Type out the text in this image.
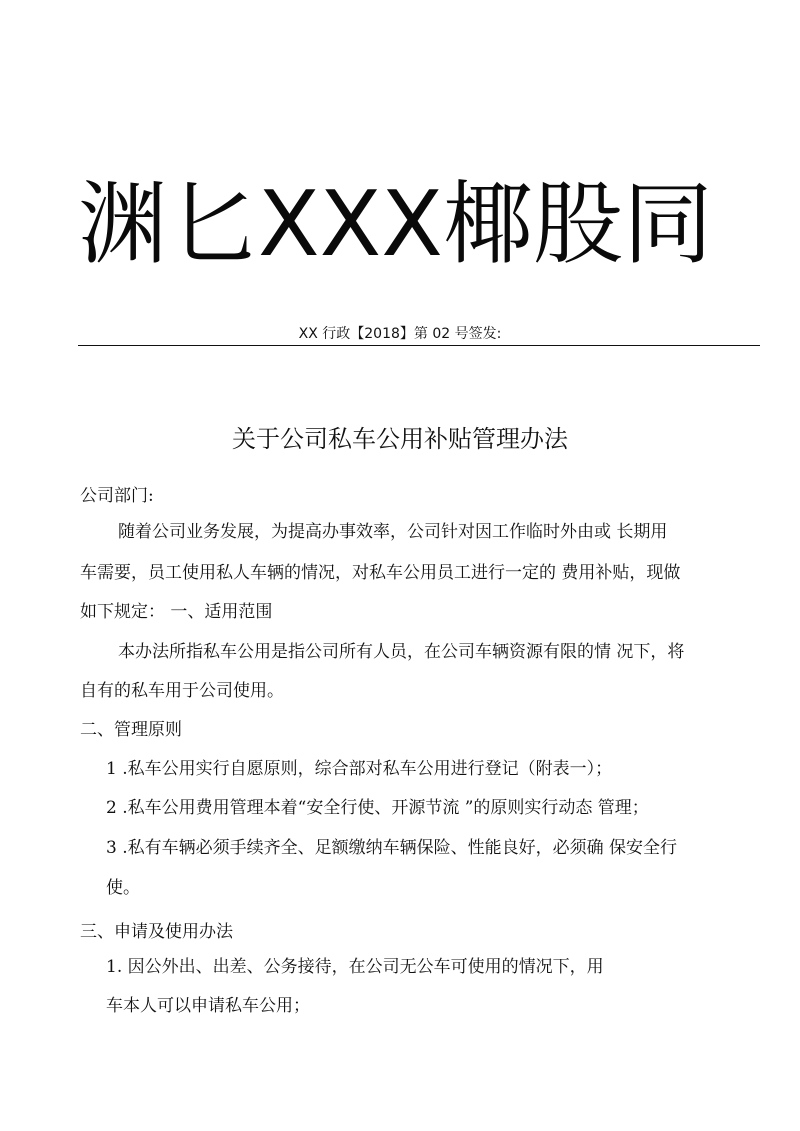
渊匕XXX椰股同
XX 行政【2018】第 02 号签发:
关于公司私车公用补贴管理办法
公司部门:
随着公司业务发展，为提高办事效率，公司针对因工作临时外由或 长期用
车需要，员工使用私人车辆的情况，对私车公用员工进行一定的 费用补贴，现做
如下规定： 一、适用范围
本办法所指私车公用是指公司所有人员，在公司车辆资源有限的情 况下，将
自有的私车用于公司使用。
二、管理原则
1 .私车公用实行自愿原则，综合部对私车公用进行登记（附表一）；
2 .私车公用费用管理本着“安全行使、开源节流 ”的原则实行动态 管理；
3 .私有车辆必须手续齐全、足额缴纳车辆保险、性能良好，必须确 保安全行
使。
三、申请及使用办法
1. 因公外出、出差、公务接待，在公司无公车可使用的情况下，用
车本人可以申请私车公用；
